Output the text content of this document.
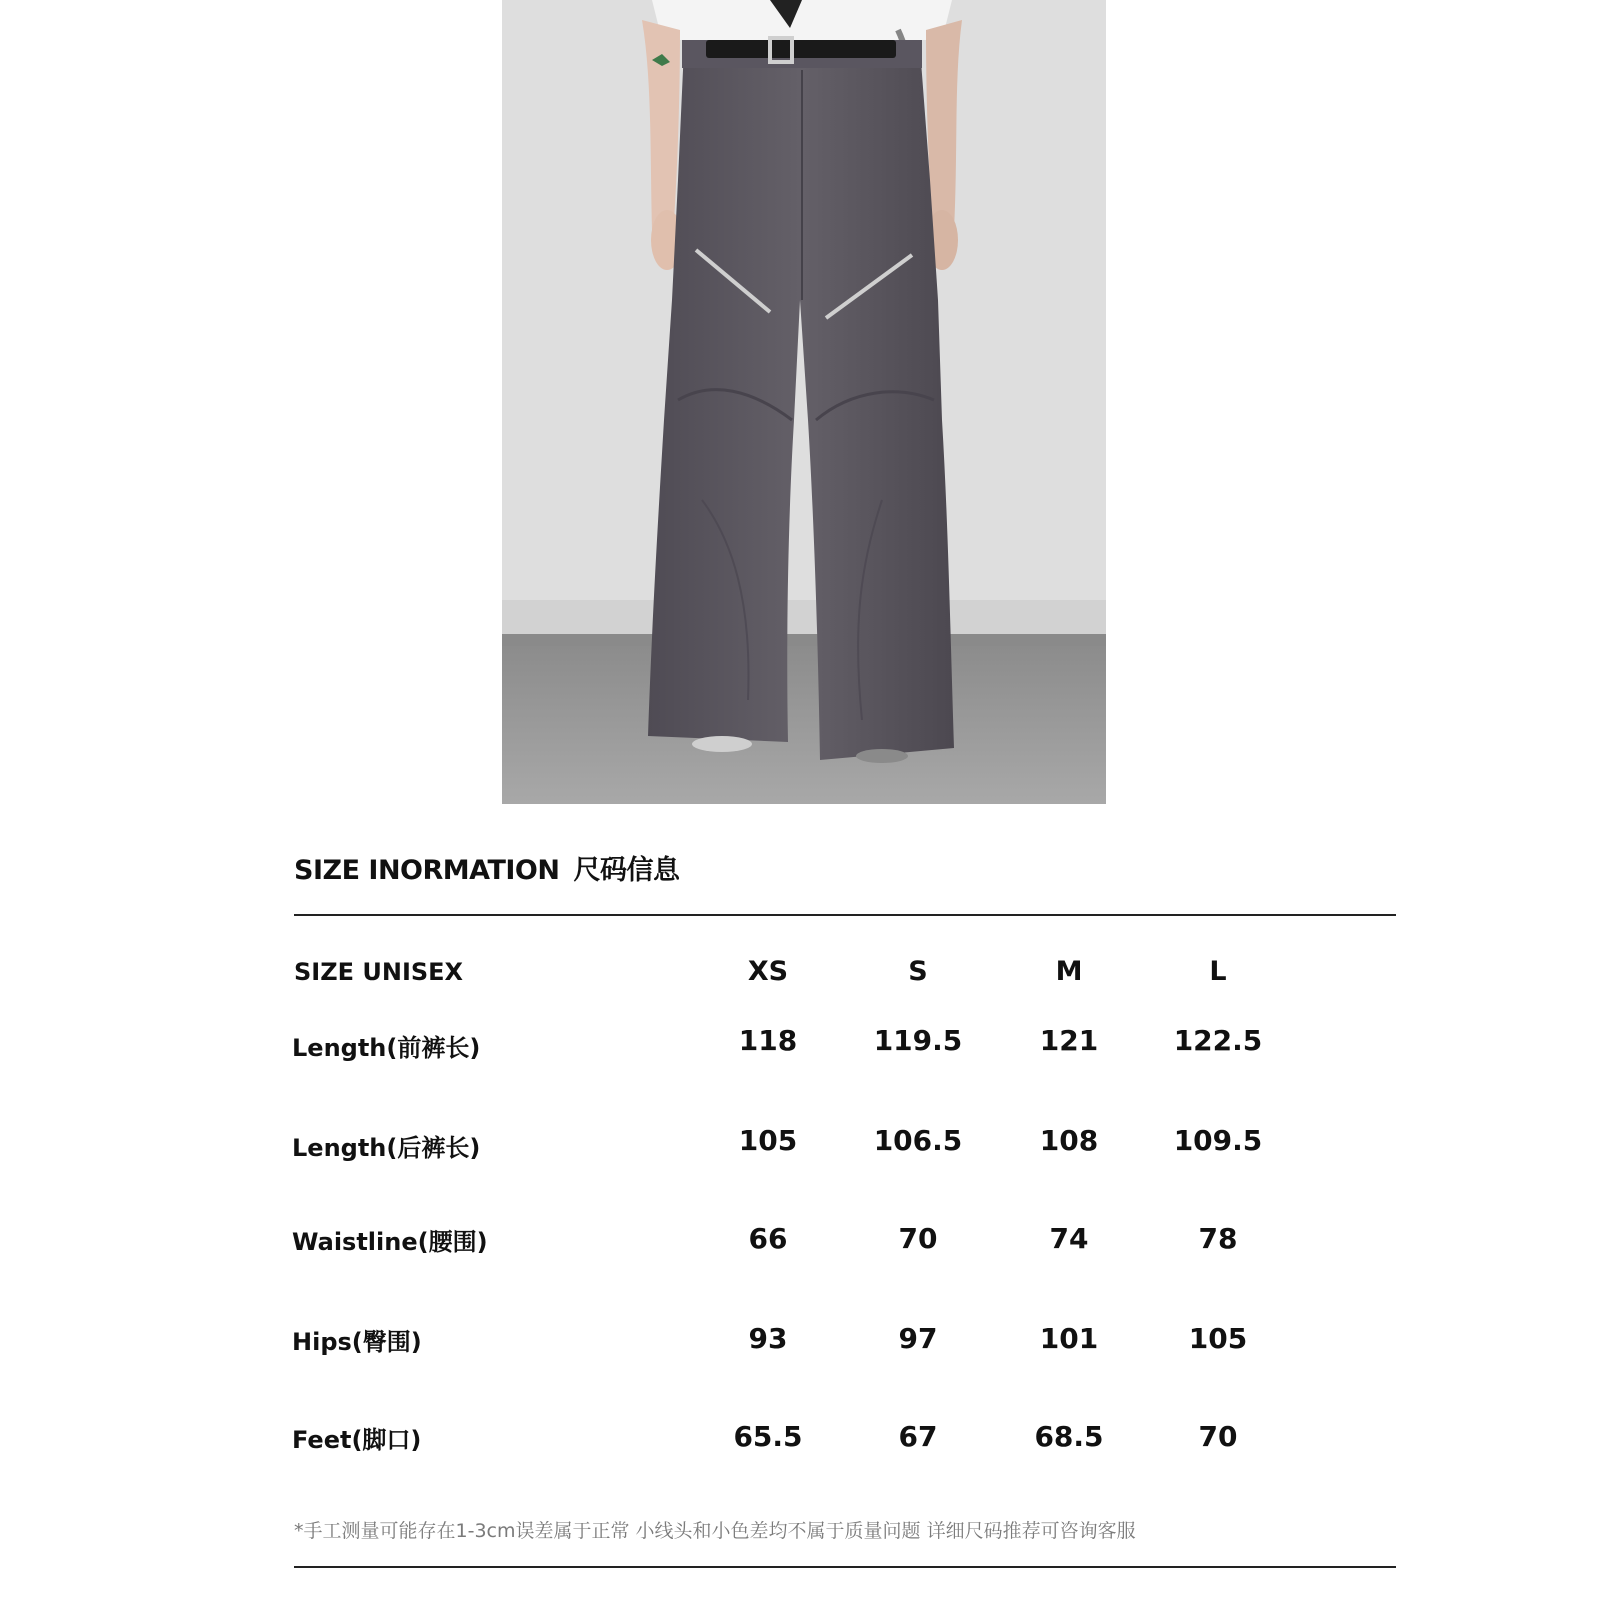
SIZE INORMATION 尺码信息
SIZE UNISEX	XS	S	M	L
Length(前裤长)	118	119.5	121	122.5
Length(后裤长)	105	106.5	108	109.5
Waistline(腰围)	66	70	74	78
Hips(臀围)	93	97	101	105
Feet(脚口)	65.5	67	68.5	70
*手工测量可能存在1-3cm误差属于正常 小线头和小色差均不属于质量问题 详细尺码推荐可咨询客服
